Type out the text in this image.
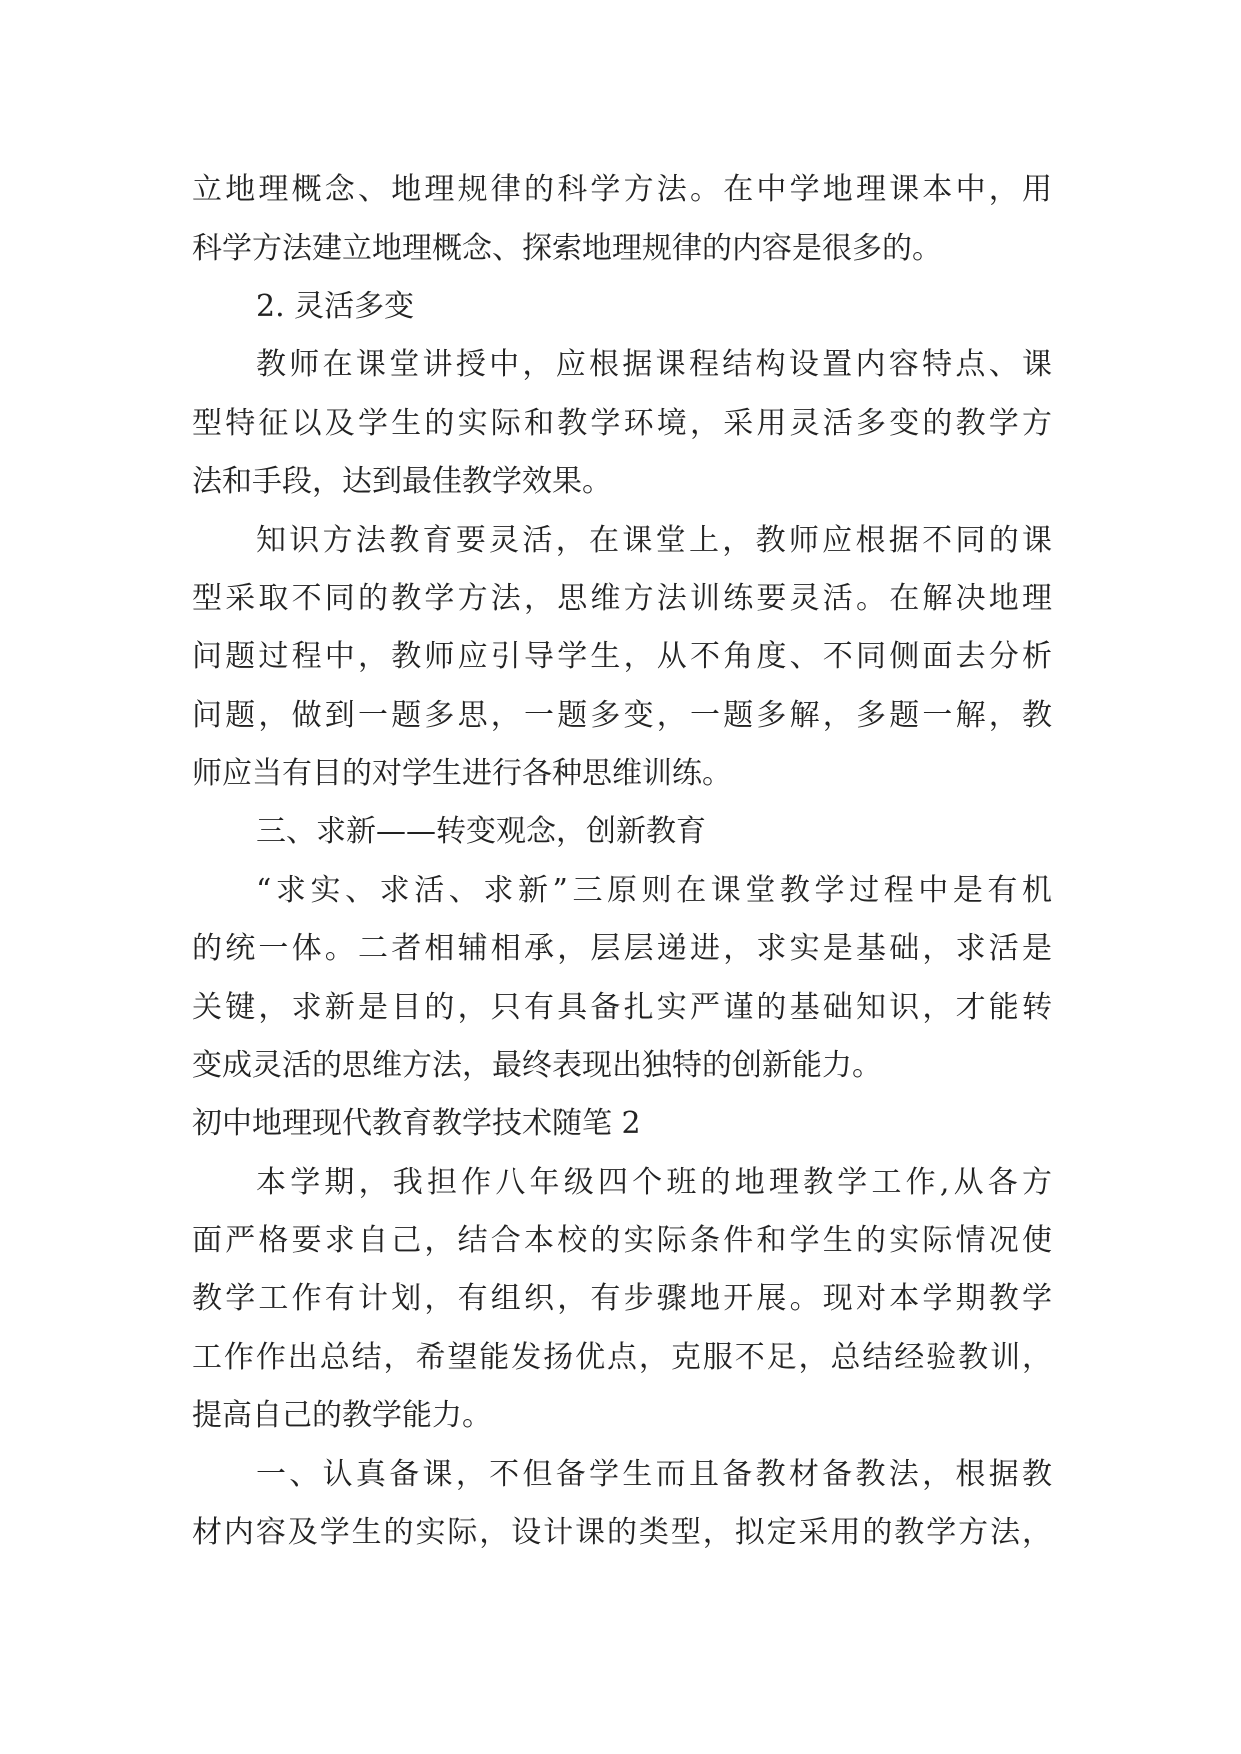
立地理概念、地理规律的科学方法。在中学地理课本中，用

科学方法建立地理概念、探索地理规律的内容是很多的。

2. 灵活多变

教师在课堂讲授中，应根据课程结构设置内容特点、课

型特征以及学生的实际和教学环境，采用灵活多变的教学方

法和手段，达到最佳教学效果。

知识方法教育要灵活，在课堂上，教师应根据不同的课

型采取不同的教学方法，思维方法训练要灵活。在解决地理

问题过程中，教师应引导学生，从不角度、不同侧面去分析

问题，做到一题多思，一题多变，一题多解，多题一解，教

师应当有目的对学生进行各种思维训练。

三、求新——转变观念，创新教育

“求实、求活、求新”三原则在课堂教学过程中是有机

的统一体。二者相辅相承，层层递进，求实是基础，求活是

关键，求新是目的，只有具备扎实严谨的基础知识，才能转

变成灵活的思维方法，最终表现出独特的创新能力。

初中地理现代教育教学技术随笔 2

本学期，我担作八年级四个班的地理教学工作,从各方

面严格要求自己，结合本校的实际条件和学生的实际情况使

教学工作有计划，有组织，有步骤地开展。现对本学期教学

工作作出总结，希望能发扬优点，克服不足，总结经验教训，

提高自己的教学能力。

一、认真备课，不但备学生而且备教材备教法，根据教

材内容及学生的实际，设计课的类型，拟定采用的教学方法，
